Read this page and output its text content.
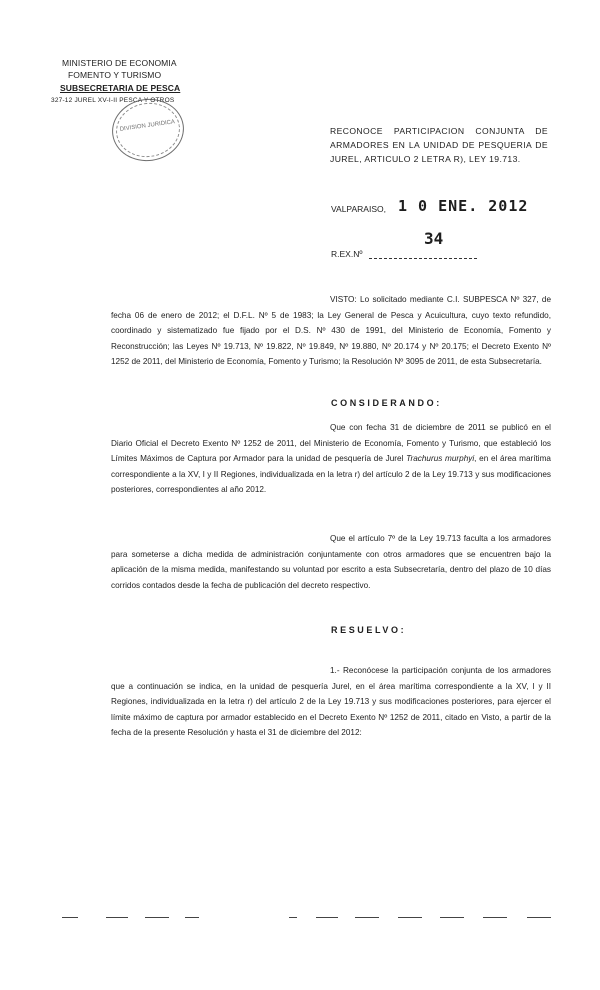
MINISTERIO DE ECONOMIA
FOMENTO Y TURISMO
SUBSECRETARIA DE PESCA
327-12 JUREL XV-I-II PESCA Y OTROS
DIVISION JURIDICA	RECONOCE PARTICIPACION CONJUNTA DE ARMADORES EN LA UNIDAD DE PESQUERIA DE JUREL, ARTICULO 2 LETRA R), LEY 19.713.
VALPARAISO, 1 0 ENE. 2012
34
R.EX.Nº
VISTO: Lo solicitado mediante C.I. SUBPESCA Nº 327, de fecha 06 de enero de 2012; el D.F.L. Nº 5 de 1983; la Ley General de Pesca y Acuicultura, cuyo texto refundido, coordinado y sistematizado fue fijado por el D.S. Nº 430 de 1991, del Ministerio de Economía, Fomento y Reconstrucción; las Leyes Nº 19.713, Nº 19.822, Nº 19.849, Nº 19.880, Nº 20.174 y Nº 20.175; el Decreto Exento Nº 1252 de 2011, del Ministerio de Economía, Fomento y Turismo; la Resolución Nº 3095 de 2011, de esta Subsecretaría.
CONSIDERANDO:
Que con fecha 31 de diciembre de 2011 se publicó en el Diario Oficial el Decreto Exento Nº 1252 de 2011, del Ministerio de Economía, Fomento y Turismo, que estableció los Límites Máximos de Captura por Armador para la unidad de pesquería de Jurel Trachurus murphyi, en el área marítima correspondiente a la XV, I y II Regiones, individualizada en la letra r) del artículo 2 de la Ley 19.713 y sus modificaciones posteriores, correspondientes al año 2012.
Que el artículo 7º de la Ley 19.713 faculta a los armadores para someterse a dicha medida de administración conjuntamente con otros armadores que se encuentren bajo la aplicación de la misma medida, manifestando su voluntad por escrito a esta Subsecretaría, dentro del plazo de 10 días corridos contados desde la fecha de publicación del decreto respectivo.
RESUELVO:
1.- Reconócese la participación conjunta de los armadores que a continuación se indica, en la unidad de pesquería Jurel, en el área marítima correspondiente a la XV, I y II Regiones, individualizada en la letra r) del artículo 2 de la Ley 19.713 y sus modificaciones posteriores, para ejercer el límite máximo de captura por armador establecido en el Decreto Exento Nº 1252 de 2011, citado en Visto, a partir de la fecha de la presente Resolución y hasta el 31 de diciembre del 2012:
